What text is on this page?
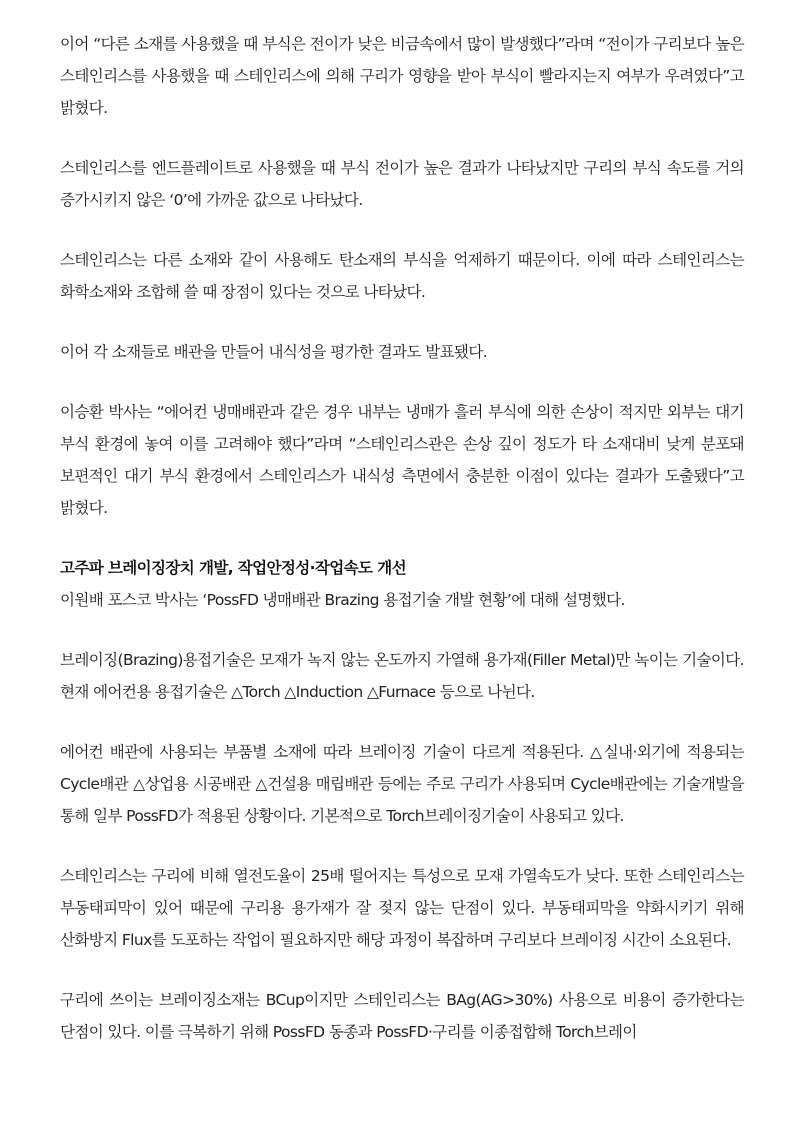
이어 “다른 소재를 사용했을 때 부식은 전이가 낮은 비금속에서 많이 발생했다”라며 “전이가 구리보다 높은 스테인리스를 사용했을 때 스테인리스에 의해 구리가 영향을 받아 부식이 빨라지는지 여부가 우려였다”고 밝혔다.

스테인리스를 엔드플레이트로 사용했을 때 부식 전이가 높은 결과가 나타났지만 구리의 부식 속도를 거의 증가시키지 않은 ‘0’에 가까운 값으로 나타났다.

스테인리스는 다른 소재와 같이 사용해도 탄소재의 부식을 억제하기 때문이다. 이에 따라 스테인리스는 화학소재와 조합해 쓸 때 장점이 있다는 것으로 나타났다.

이어 각 소재들로 배관을 만들어 내식성을 평가한 결과도 발표됐다.

이승환 박사는 “에어컨 냉매배관과 같은 경우 내부는 냉매가 흘러 부식에 의한 손상이 적지만 외부는 대기 부식 환경에 놓여 이를 고려해야 했다”라며 “스테인리스관은 손상 깊이 정도가 타 소재대비 낮게 분포돼 보편적인 대기 부식 환경에서 스테인리스가 내식성 측면에서 충분한 이점이 있다는 결과가 도출됐다”고 밝혔다.

고주파 브레이징장치 개발, 작업안정성·작업속도 개선

이원배 포스코 박사는 ‘PossFD 냉매배관 Brazing 용접기술 개발 현황’에 대해 설명했다.

브레이징(Brazing)용접기술은 모재가 녹지 않는 온도까지 가열해 용가재(Filler Metal)만 녹이는 기술이다. 현재 에어컨용 용접기술은 △Torch △Induction △Furnace 등으로 나뉜다.

에어컨 배관에 사용되는 부품별 소재에 따라 브레이징 기술이 다르게 적용된다. △실내·외기에 적용되는 Cycle배관 △상업용 시공배관 △건설용 매립배관 등에는 주로 구리가 사용되며 Cycle배관에는 기술개발을 통해 일부 PossFD가 적용된 상황이다. 기본적으로 Torch브레이징기술이 사용되고 있다.

스테인리스는 구리에 비해 열전도율이 25배 떨어지는 특성으로 모재 가열속도가 낮다. 또한 스테인리스는 부동태피막이 있어 때문에 구리용 용가재가 잘 젖지 않는 단점이 있다. 부동태피막을 약화시키기 위해 산화방지 Flux를 도포하는 작업이 필요하지만 해당 과정이 복잡하며 구리보다 브레이징 시간이 소요된다.

구리에 쓰이는 브레이징소재는 BCup이지만 스테인리스는 BAg(AG>30%) 사용으로 비용이 증가한다는 단점이 있다. 이를 극복하기 위해 PossFD 동종과 PossFD·구리를 이종접합해 Torch브레이
